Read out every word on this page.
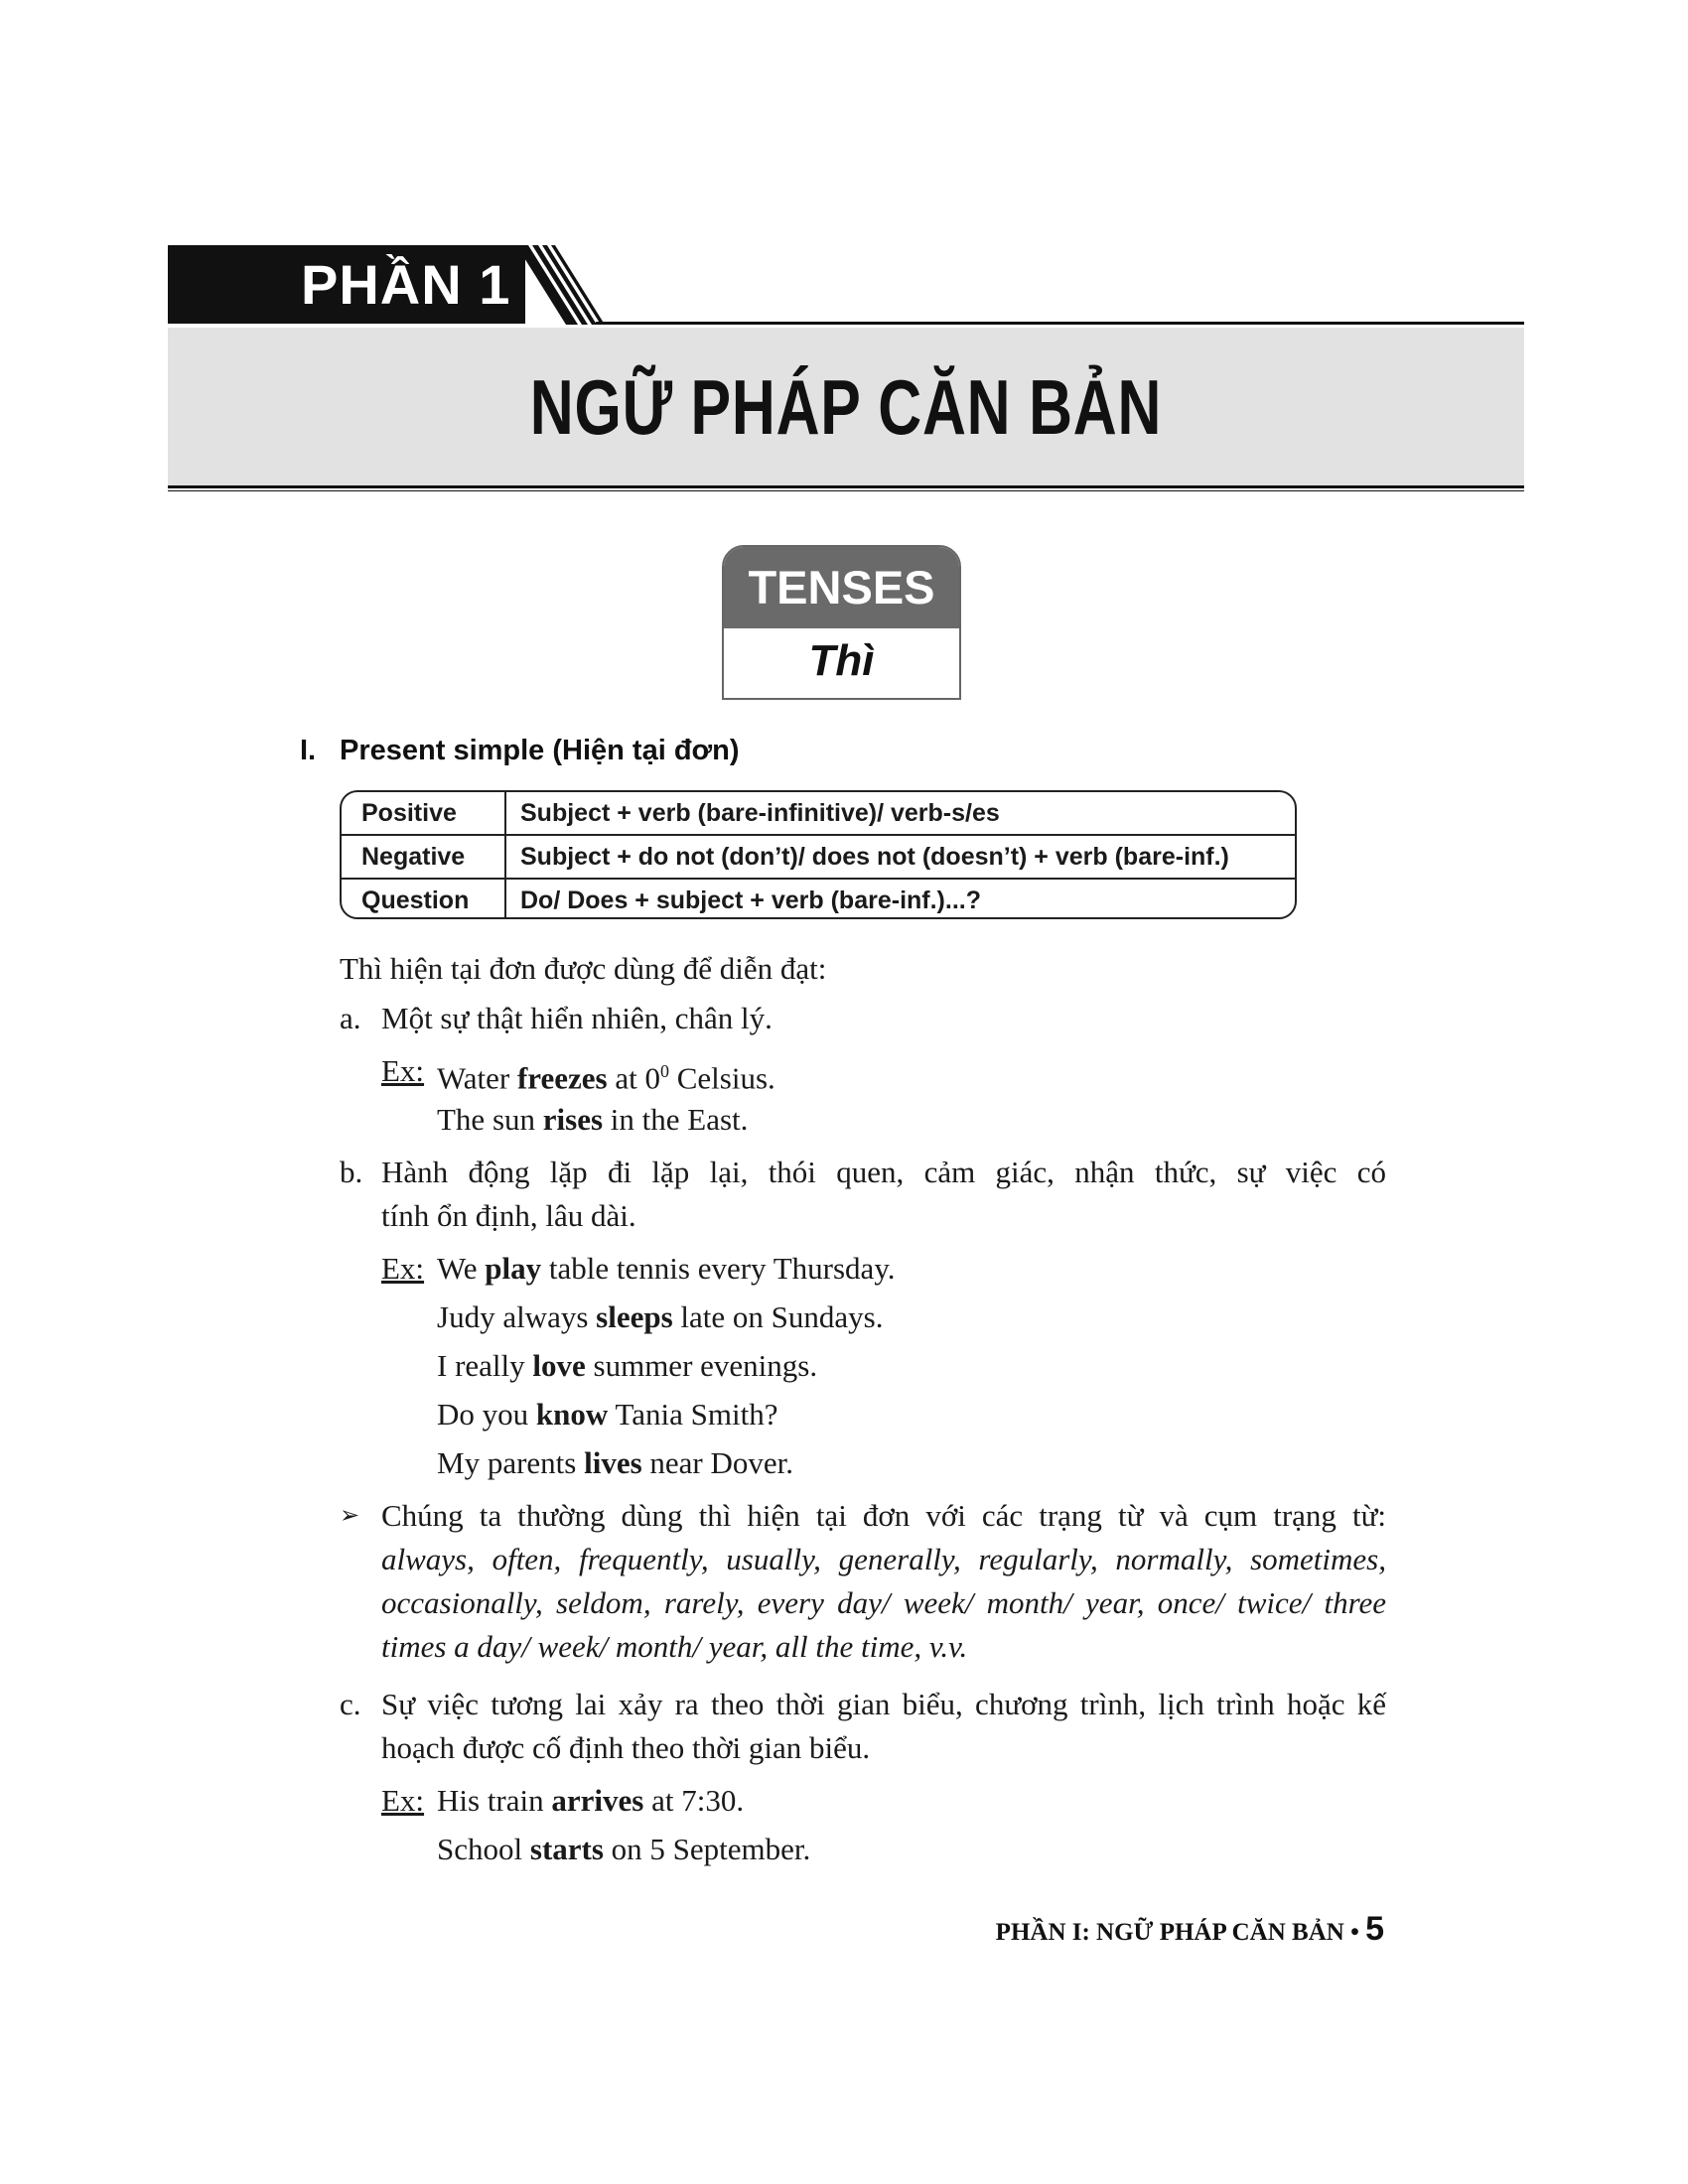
PHẦN 1
NGỮ PHÁP CĂN BẢN
TENSES
Thì
I. Present simple (Hiện tại đơn)
Positive	Subject + verb (bare-infinitive)/ verb-s/es
Negative	Subject + do not (don’t)/ does not (doesn’t) + verb (bare-inf.)
Question	Do/ Does + subject + verb (bare-inf.)...?
Thì hiện tại đơn được dùng để diễn đạt:
a. Một sự thật hiển nhiên, chân lý.
Ex: Water freezes at $0^0$ Celsius.
The sun rises in the East.
b. Hành động lặp đi lặp lại, thói quen, cảm giác, nhận thức, sự việc có
tính ổn định, lâu dài.
Ex: We play table tennis every Thursday.
Judy always sleeps late on Sundays.
I really love summer evenings.
Do you know Tania Smith?
My parents lives near Dover.
➢ Chúng ta thường dùng thì hiện tại đơn với các trạng từ và cụm trạng từ:
always, often, frequently, usually, generally, regularly, normally, sometimes,
occasionally, seldom, rarely, every day/ week/ month/ year, once/ twice/ three
times a day/ week/ month/ year, all the time, v.v.
c. Sự việc tương lai xảy ra theo thời gian biểu, chương trình, lịch trình hoặc kế
hoạch được cố định theo thời gian biểu.
Ex: His train arrives at 7:30.
School starts on 5 September.
PHẦN I: NGỮ PHÁP CĂN BẢN • 5
